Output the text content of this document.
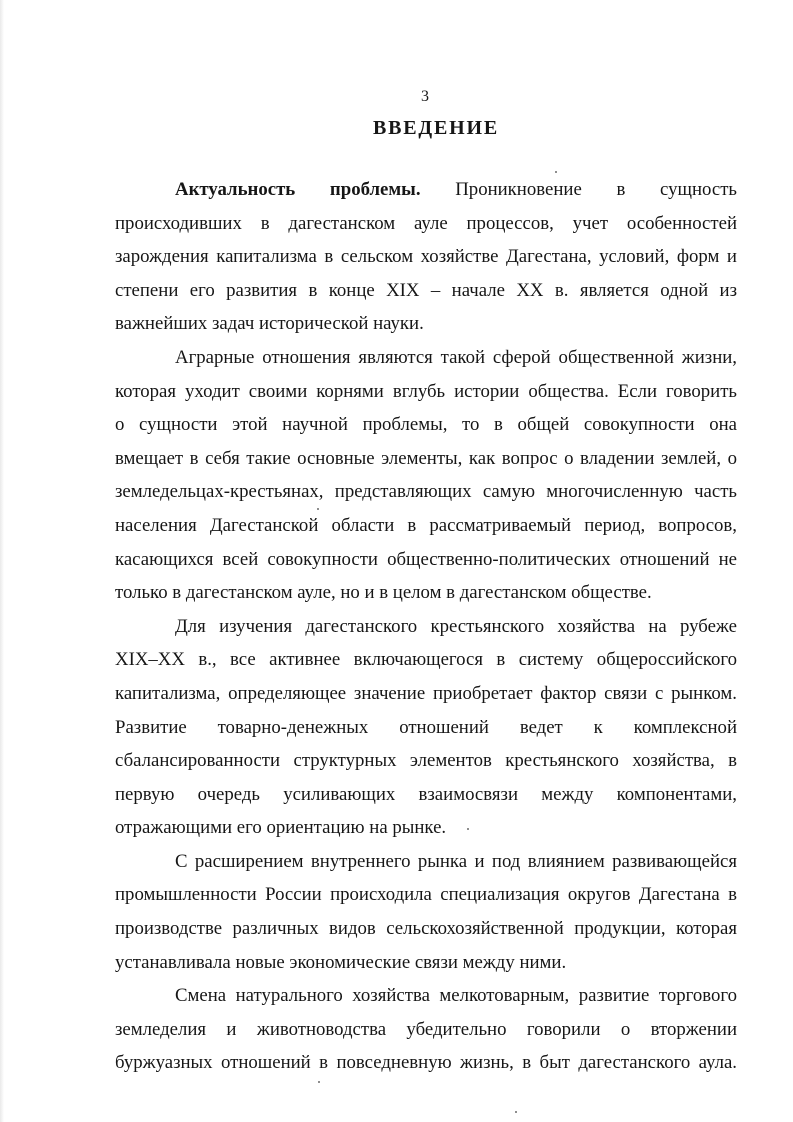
3
ВВЕДЕНИЕ
Актуальность проблемы. Проникновение в сущность
происходивших в дагестанском ауле процессов, учет особенностей
зарождения капитализма в сельском хозяйстве Дагестана, условий, форм и
степени его развития в конце XIX – начале XX в. является одной из
важнейших задач исторической науки.
Аграрные отношения являются такой сферой общественной жизни,
которая уходит своими корнями вглубь истории общества. Если говорить
о сущности этой научной проблемы, то в общей совокупности она
вмещает в себя такие основные элементы, как вопрос о владении землей, о
земледельцах-крестьянах, представляющих самую многочисленную часть
населения Дагестанской области в рассматриваемый период, вопросов,
касающихся всей совокупности общественно-политических отношений не
только в дагестанском ауле, но и в целом в дагестанском обществе.
Для изучения дагестанского крестьянского хозяйства на рубеже
XIX–XX в., все активнее включающегося в систему общероссийского
капитализма, определяющее значение приобретает фактор связи с рынком.
Развитие товарно-денежных отношений ведет к комплексной
сбалансированности структурных элементов крестьянского хозяйства, в
первую очередь усиливающих взаимосвязи между компонентами,
отражающими его ориентацию на рынке.
С расширением внутреннего рынка и под влиянием развивающейся
промышленности России происходила специализация округов Дагестана в
производстве различных видов сельскохозяйственной продукции, которая
устанавливала новые экономические связи между ними.
Смена натурального хозяйства мелкотоварным, развитие торгового
земледелия и животноводства убедительно говорили о вторжении
буржуазных отношений в повседневную жизнь, в быт дагестанского аула.
